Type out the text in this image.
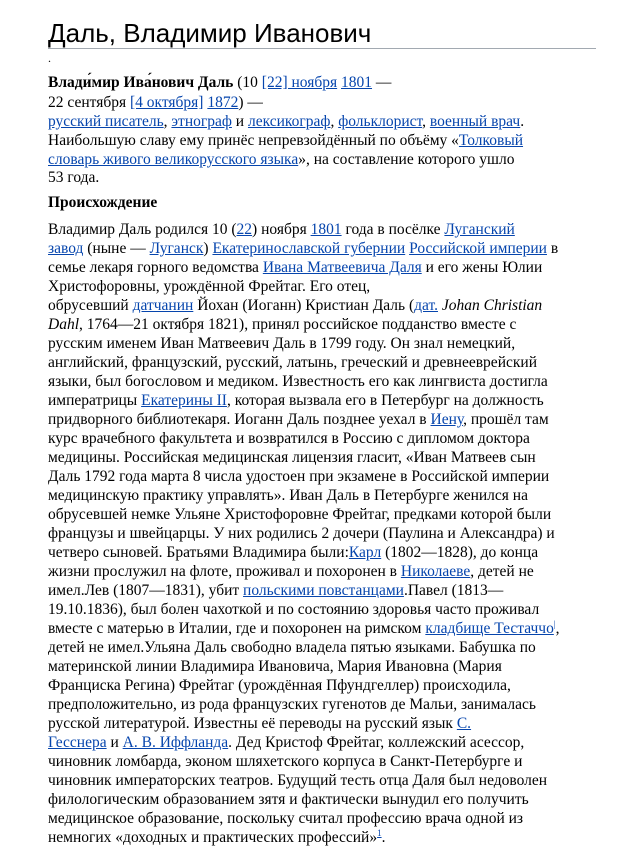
Даль, Владимир Иванович
.

Влади́мир Ива́нович Даль (10 [22] ноября 1801 —

22 сентября [4 октября] 1872) —

русский писатель, этнограф и лексикограф, фольклорист, военный врач.

Наибольшую славу ему принёс непревзойдённый по объёму «Толковый

словарь живого великорусского языка», на составление которого ушло

53 года.

Происхождение

Владимир Даль родился 10 (22) ноября 1801 года в посёлке Луганский

завод (ныне — Луганск) Екатеринославской губернии Российской империи в

семье лекаря горного ведомства Ивана Матвеевича Даля и его жены Юлии

Христофоровны, урождённой Фрейтаг. Его отец,

обрусевший датчанин Йохан (Иоганн) Кристиан Даль (дат. Johan Christian

Dahl, 1764—21 октября 1821), принял российское подданство вместе с

русским именем Иван Матвеевич Даль в 1799 году. Он знал немецкий,

английский, французский, русский, латынь, греческий и древнееврейский

языки, был богословом и медиком. Известность его как лингвиста достигла

императрицы Екатерины II, которая вызвала его в Петербург на должность

придворного библиотекаря. Иоганн Даль позднее уехал в Иену, прошёл там

курс врачебного факультета и возвратился в Россию с дипломом доктора

медицины. Российская медицинская лицензия гласит, «Иван Матвеев сын

Даль 1792 года марта 8 числа удостоен при экзамене в Российской империи

медицинскую практику управлять». Иван Даль в Петербурге женился на

обрусевшей немке Ульяне Христофоровне Фрейтаг, предками которой были

французы и швейцарцы. У них родились 2 дочери (Паулина и Александра) и

четверо сыновей. Братьями Владимира были:Карл (1802—1828), до конца

жизни прослужил на флоте, проживал и похоронен в Николаеве, детей не

имел.Лев (1807—1831), убит польскими повстанцами.Павел (1813—

19.10.1836), был болен чахоткой и по состоянию здоровья часто проживал

вместе с матерью в Италии, где и похоронен на римском кладбище Тестаччо|,

детей не имел.Ульяна Даль свободно владела пятью языками. Бабушка по

материнской линии Владимира Ивановича, Мария Ивановна (Мария

Франциска Регина) Фрейтаг (урождённая Пфундгеллер) происходила,

предположительно, из рода французских гугенотов де Мальи, занималась

русской литературой. Известны её переводы на русский язык С.

Гесснера и А. В. Иффланда. Дед Кристоф Фрейтаг, коллежский асессор,

чиновник ломбарда, эконом шляхетского корпуса в Санкт-Петербурге и

чиновник императорских театров. Будущий тесть отца Даля был недоволен

филологическим образованием зятя и фактически вынудил его получить

медицинское образование, поскольку считал профессию врача одной из

немногих «доходных и практических профессий»$^1$.
